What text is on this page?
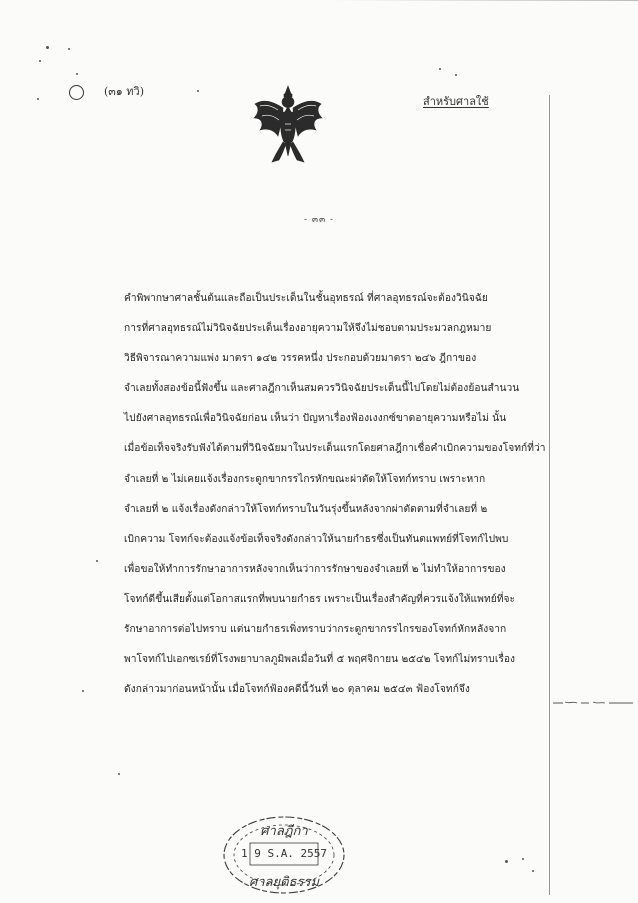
(๓๑ ทวิ)
สำหรับศาลใช้
- ๓๓ -
คำพิพากษาศาลชั้นต้นและถือเป็นประเด็นในชั้นอุทธรณ์ ที่ศาลอุทธรณ์จะต้องวินิจฉัย
การที่ศาลอุทธรณ์ไม่วินิจฉัยประเด็นเรื่องอายุความให้จึงไม่ชอบตามประมวลกฎหมาย
วิธีพิจารณาความแพ่ง มาตรา ๑๔๒ วรรคหนึ่ง ประกอบด้วยมาตรา ๒๔๖ ฎีกาของ
จำเลยทั้งสองข้อนี้ฟังขึ้น และศาลฎีกาเห็นสมควรวินิจฉัยประเด็นนี้ไปโดยไม่ต้องย้อนสำนวน
ไปยังศาลอุทธรณ์เพื่อวินิจฉัยก่อน เห็นว่า ปัญหาเรื่องฟ้องเงงกซ์ขาดอายุความหรือไม่ นั้น
เมื่อข้อเท็จจริงรับฟังได้ตามที่วินิจฉัยมาในประเด็นแรกโดยศาลฎีกาเชื่อคำเบิกความของโจทก์ที่ว่า
จำเลยที่ ๒ ไม่เคยแจ้งเรื่องกระดูกขากรรไกรหักขณะผ่าตัดให้โจทก์ทราบ เพราะหาก
จำเลยที่ ๒ แจ้งเรื่องดังกล่าวให้โจทก์ทราบในวันรุ่งขึ้นหลังจากผ่าตัดตามที่จำเลยที่ ๒
เบิกความ โจทก์จะต้องแจ้งข้อเท็จจริงดังกล่าวให้นายกำธรซึ่งเป็นทันตแพทย์ที่โจทก์ไปพบ
เพื่อขอให้ทำการรักษาอาการหลังจากเห็นว่าการรักษาของจำเลยที่ ๒ ไม่ทำให้อาการของ
โจทก์ดีขึ้นเสียตั้งแต่โอกาสแรกที่พบนายกำธร เพราะเป็นเรื่องสำคัญที่ควรแจ้งให้แพทย์ที่จะ
รักษาอาการต่อไปทราบ แต่นายกำธรเพิ่งทราบว่ากระดูกขากรรไกรของโจทก์หักหลังจาก
พาโจทก์ไปเอกซเรย์ที่โรงพยาบาลภูมิพลเมื่อวันที่ ๕ พฤศจิกายน ๒๕๔๒ โจทก์ไม่ทราบเรื่อง
ดังกล่าวมาก่อนหน้านั้น เมื่อโจทก์ฟ้องคดีนี้วันที่ ๒๐ ตุลาคม ๒๕๔๓ ฟ้องโจทก์จึง
ศาลฎีกา
1 9 S.A. 2557
ศาลยุติธรรม
